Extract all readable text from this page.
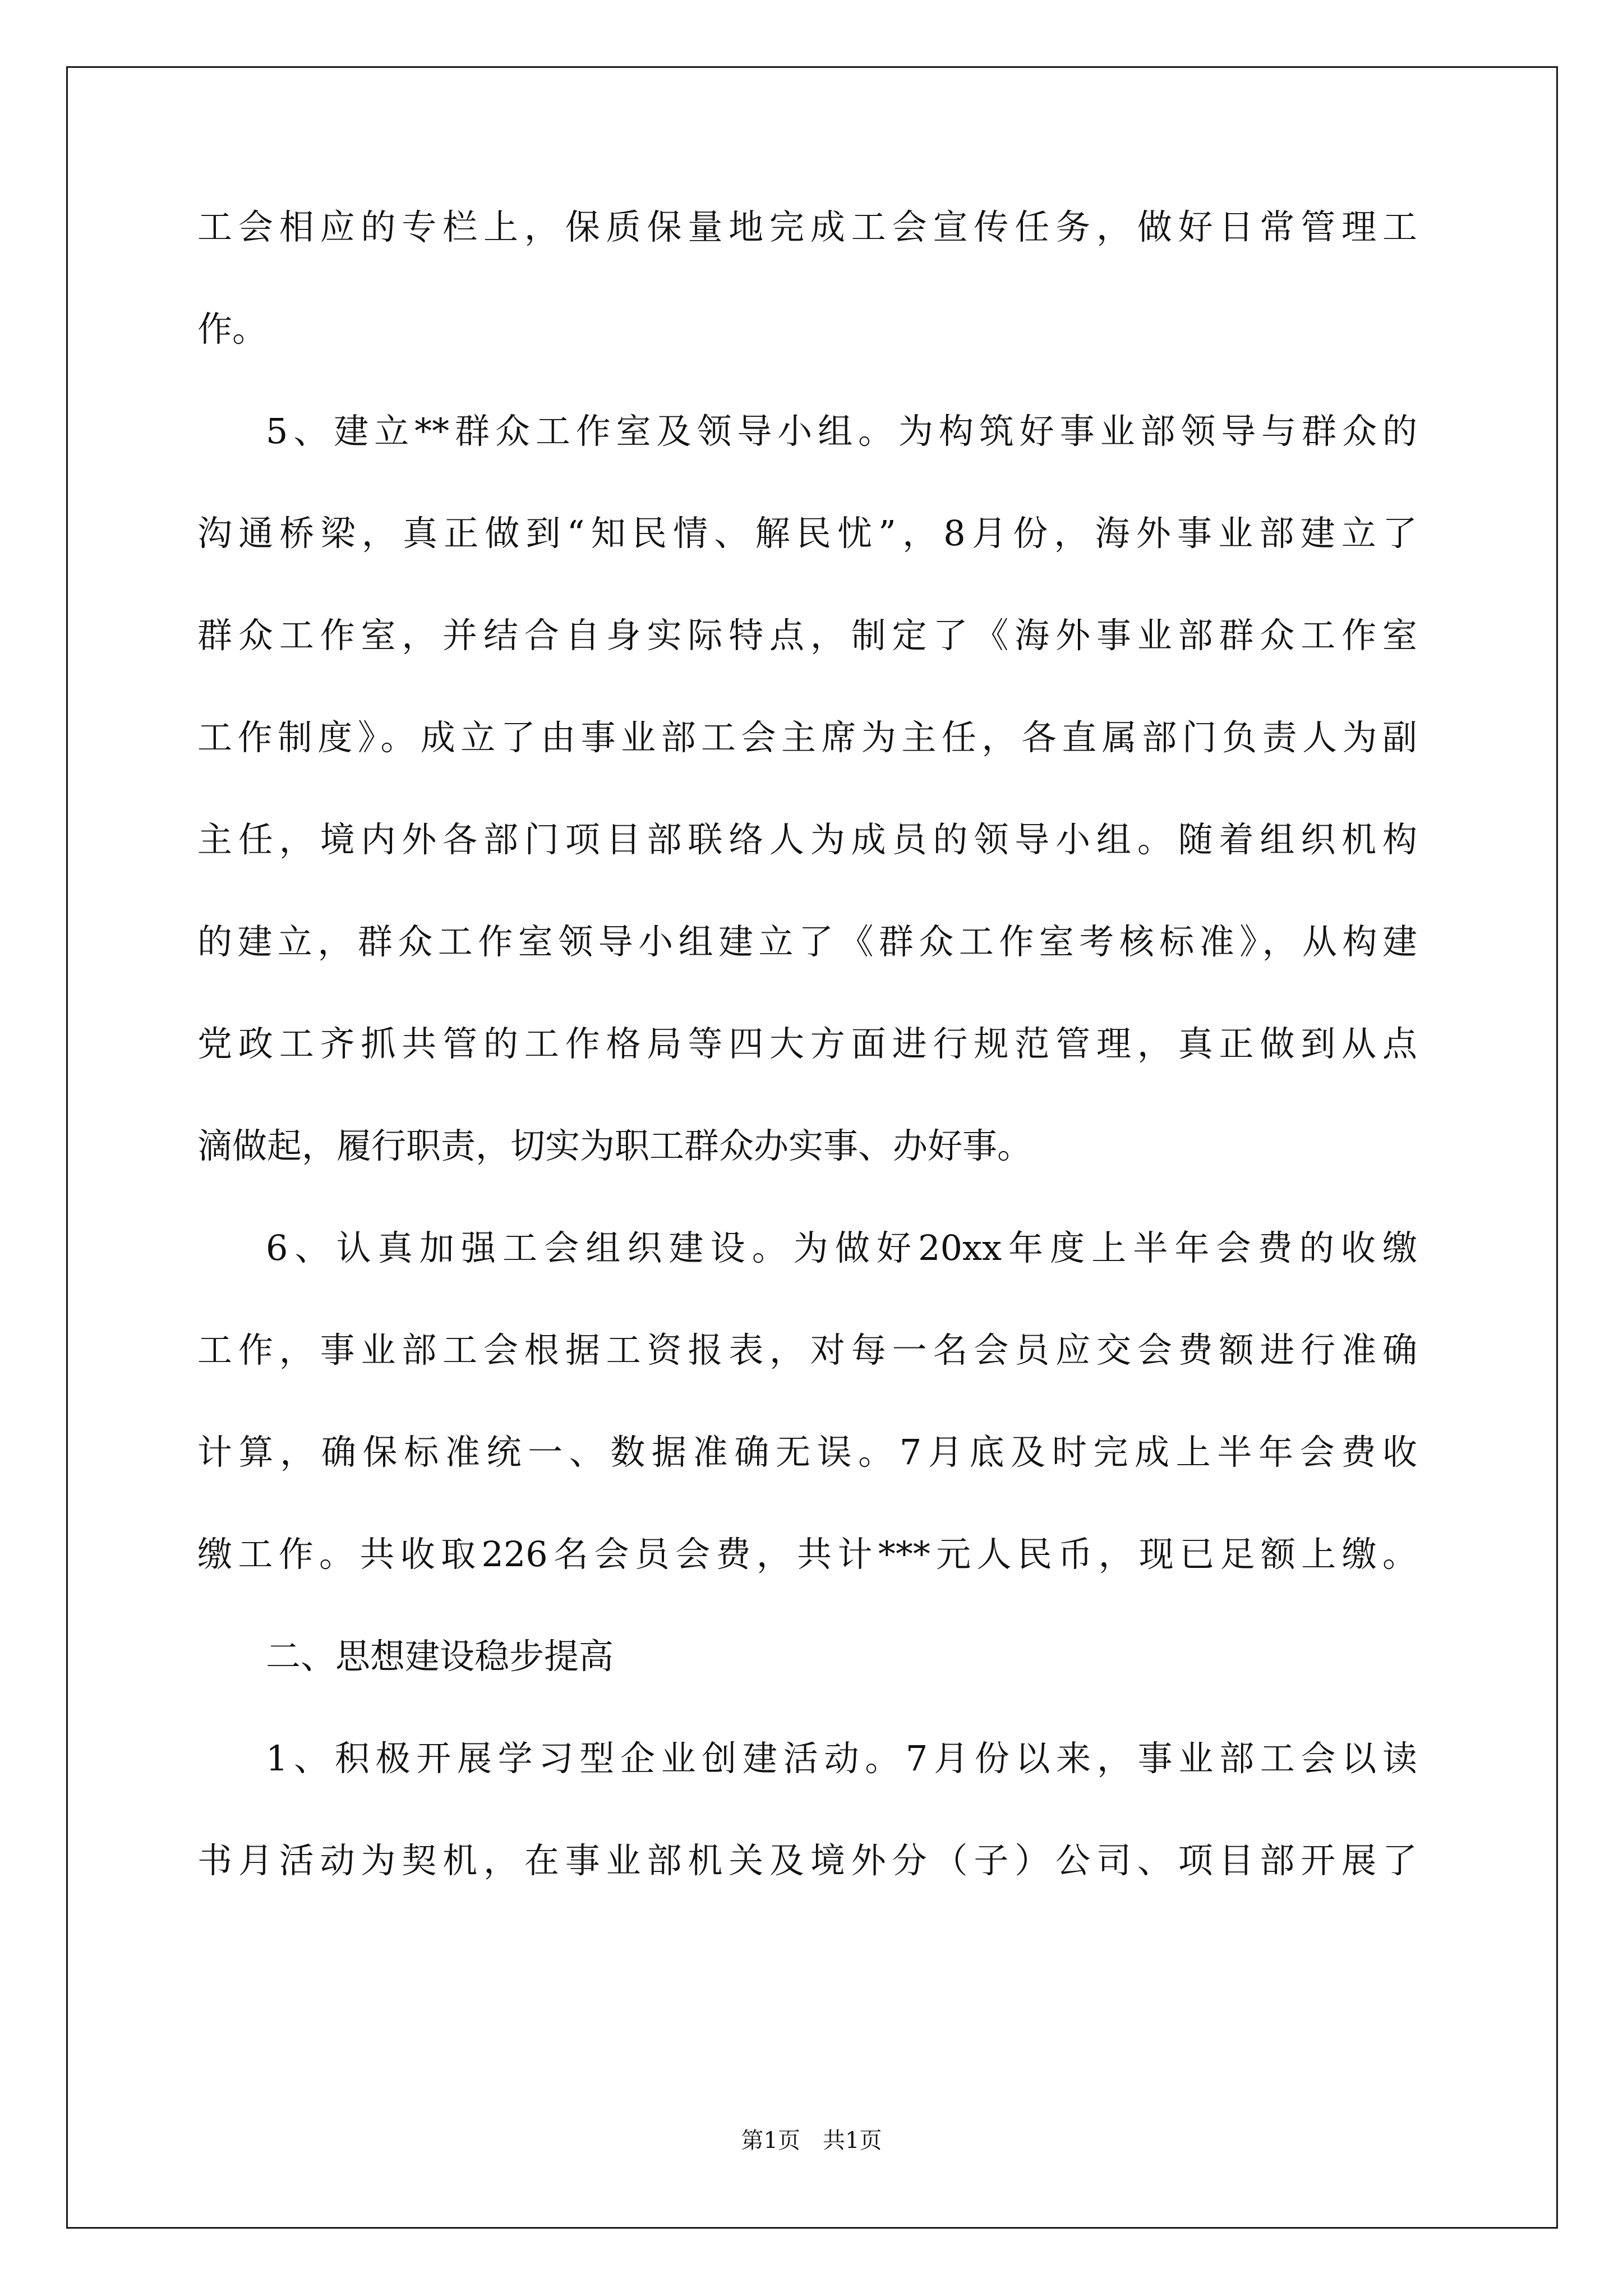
工会相应的专栏上，保质保量地完成工会宣传任务，做好日常管理工
作。
5、建立**群众工作室及领导小组。为构筑好事业部领导与群众的
沟通桥梁，真正做到“知民情、解民忧”，8月份，海外事业部建立了
群众工作室，并结合自身实际特点，制定了《海外事业部群众工作室
工作制度》。成立了由事业部工会主席为主任，各直属部门负责人为副
主任，境内外各部门项目部联络人为成员的领导小组。随着组织机构
的建立，群众工作室领导小组建立了《群众工作室考核标准》，从构建
党政工齐抓共管的工作格局等四大方面进行规范管理，真正做到从点
滴做起，履行职责，切实为职工群众办实事、办好事。
6、认真加强工会组织建设。为做好20xx年度上半年会费的收缴
工作，事业部工会根据工资报表，对每一名会员应交会费额进行准确
计算，确保标准统一、数据准确无误。7月底及时完成上半年会费收
缴工作。共收取226名会员会费，共计***元人民币，现已足额上缴。
二、思想建设稳步提高
1、积极开展学习型企业创建活动。7月份以来，事业部工会以读
书月活动为契机，在事业部机关及境外分（子）公司、项目部开展了
第1页　共1页
